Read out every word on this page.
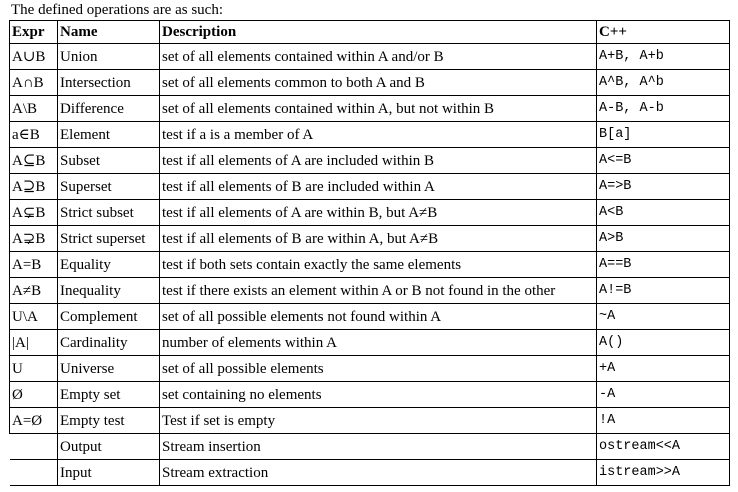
The defined operations are as such:
Expr	Name	Description	C++
A∪B	Union	set of all elements contained within A and/or B	A+B, A+b
A∩B	Intersection	set of all elements common to both A and B	A^B, A^b
A\B	Difference	set of all elements contained within A, but not within B	A-B, A-b
a∈B	Element	test if a is a member of A	B[a]
A⊆B	Subset	test if all elements of A are included within B	A<=B
A⊇B	Superset	test if all elements of B are included within A	A=>B
A⊊B	Strict subset	test if all elements of A are within B, but A≠B	A<B
A⊋B	Strict superset	test if all elements of B are within A, but A≠B	A>B
A=B	Equality	test if both sets contain exactly the same elements	A==B
A≠B	Inequality	test if there exists an element within A or B not found in the other	A!=B
U\A	Complement	set of all possible elements not found within A	~A
|A|	Cardinality	number of elements within A	A()
U	Universe	set of all possible elements	+A
Ø	Empty set	set containing no elements	-A
A=Ø	Empty test	Test if set is empty	!A
	Output	Stream insertion	ostream<<A
	Input	Stream extraction	istream>>A
